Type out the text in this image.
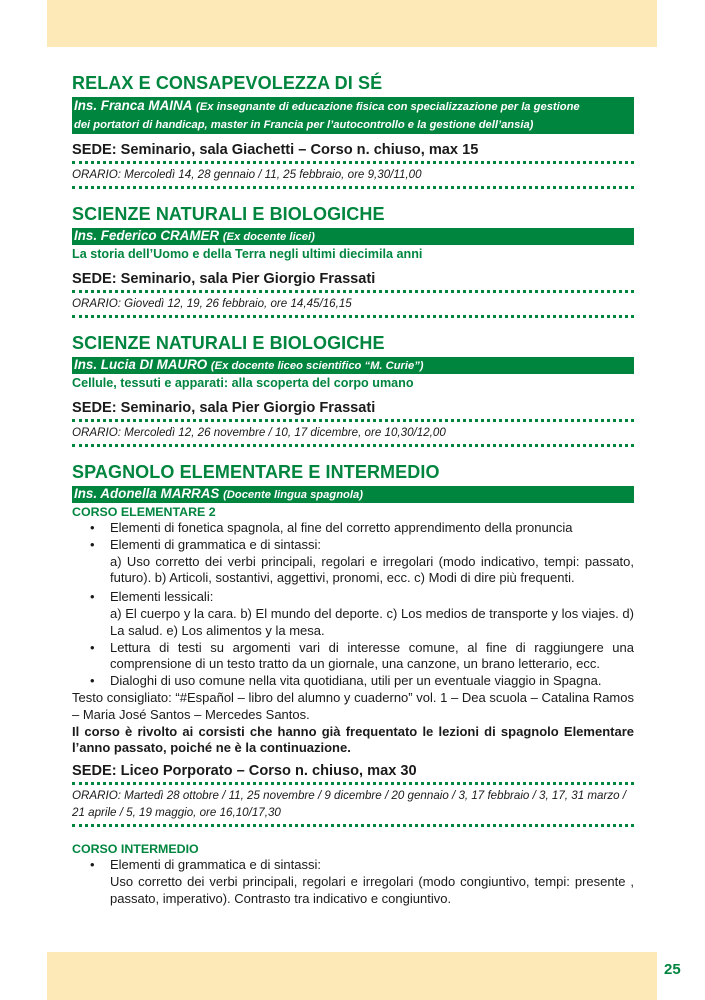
RELAX E CONSAPEVOLEZZA DI SÉ
Ins. Franca MAINA (Ex insegnante di educazione fisica con specializzazione per la gestione
dei portatori di handicap, master in Francia per l’autocontrollo e la gestione dell’ansia)
SEDE: Seminario, sala Giachetti – Corso n. chiuso, max 15
ORARIO: Mercoledì 14, 28 gennaio / 11, 25 febbraio, ore 9,30/11,00
SCIENZE NATURALI E BIOLOGICHE
Ins. Federico CRAMER (Ex docente licei)
La storia dell’Uomo e della Terra negli ultimi diecimila anni
SEDE: Seminario, sala Pier Giorgio Frassati
ORARIO: Giovedì 12, 19, 26 febbraio, ore 14,45/16,15
SCIENZE NATURALI E BIOLOGICHE
Ins. Lucia DI MAURO (Ex docente liceo scientifico “M. Curie”)
Cellule, tessuti e apparati: alla scoperta del corpo umano
SEDE: Seminario, sala Pier Giorgio Frassati
ORARIO: Mercoledì 12, 26 novembre / 10, 17 dicembre, ore 10,30/12,00
SPAGNOLO ELEMENTARE E INTERMEDIO
Ins. Adonella MARRAS (Docente lingua spagnola)
CORSO ELEMENTARE 2
• Elementi di fonetica spagnola, al fine del corretto apprendimento della pronuncia
• Elementi di grammatica e di sintassi:
a) Uso corretto dei verbi principali, regolari e irregolari (modo indicativo, tempi: passato, futuro). b) Articoli, sostantivi, aggettivi, pronomi, ecc. c) Modi di dire più frequenti.
• Elementi lessicali:
a) El cuerpo y la cara. b) El mundo del deporte. c) Los medios de transporte y los viajes. d) La salud. e) Los alimentos y la mesa.
• Lettura di testi su argomenti vari di interesse comune, al fine di raggiungere una comprensione di un testo tratto da un giornale, una canzone, un brano letterario, ecc.
• Dialoghi di uso comune nella vita quotidiana, utili per un eventuale viaggio in Spagna.
Testo consigliato: “#Español – libro del alumno y cuaderno” vol. 1 – Dea scuola – Catalina Ramos – Maria José Santos – Mercedes Santos.
Il corso è rivolto ai corsisti che hanno già frequentato le lezioni di spagnolo Elementare l’anno passato, poiché ne è la continuazione.
SEDE: Liceo Porporato – Corso n. chiuso, max 30
ORARIO: Martedì 28 ottobre / 11, 25 novembre / 9 dicembre / 20 gennaio / 3, 17 febbraio / 3, 17, 31 marzo / 21 aprile / 5, 19 maggio, ore 16,10/17,30
CORSO INTERMEDIO
• Elementi di grammatica e di sintassi:
Uso corretto dei verbi principali, regolari e irregolari (modo congiuntivo, tempi: presente , passato, imperativo). Contrasto tra indicativo e congiuntivo.
25
